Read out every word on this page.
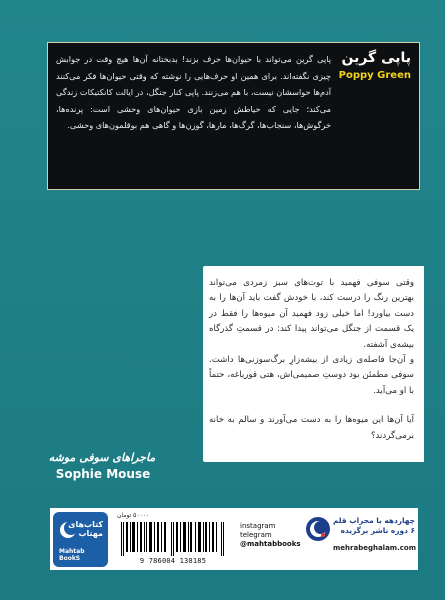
پاپی گرین
Poppy Green
پاپی گرین می‌تواند با حیوان‌ها حرف بزند! بدبختانه آن‌ها هیچ وقت در جوابش چیزی نگفته‌اند. برای همین او حرف‌هایی را نوشته که وقتی حیوان‌ها فکر می‌کنند آدم‌ها حواسشان نیست، با هم می‌زنند. پاپی کنار جنگل، در ایالت کانکتیکات زندگی می‌کند؛ جایی که حیاطش زمین بازی حیوان‌های وحشی است: پرنده‌ها، خرگوش‌ها، سنجاب‌ها، گرگ‌ها، مارها، گوزن‌ها و گاهی هم بوقلمون‌های وحشی.

وقتی سوفی فهمید با توت‌های سبز زمردی می‌تواند بهترین رنگ را درست کند، با خودش گفت باید آن‌ها را به دست بیاورد! اما خیلی زود فهمید آن میوه‌ها را فقط در یک قسمت از جنگل می‌تواند پیدا کند: در قسمتِ گذرگاه بیشه‌ی آشفته.

و آن‌جا فاصله‌ی زیادی از بیشه‌زارِ برگ‌سوزنی‌ها داشت. سوفی مطمئن بود دوستِ صمیمی‌اش، هتی قورباغه، حتماً با او می‌آید.

آیا آن‌ها این میوه‌ها را به دست می‌آورند و سالم به خانه برمی‌گردند؟

ماجراهای سوفی موشه
Sophie Mouse
کتاب‌های مهتاب
Mahtab
BookS
۵۰۰۰۰ تومان
9 786004 138185
instagram
telegram
@mahtabbooks
چهاردهه با محراب قلم
۶ دوره ناشر برگزیده
mehrabeghalam.com
